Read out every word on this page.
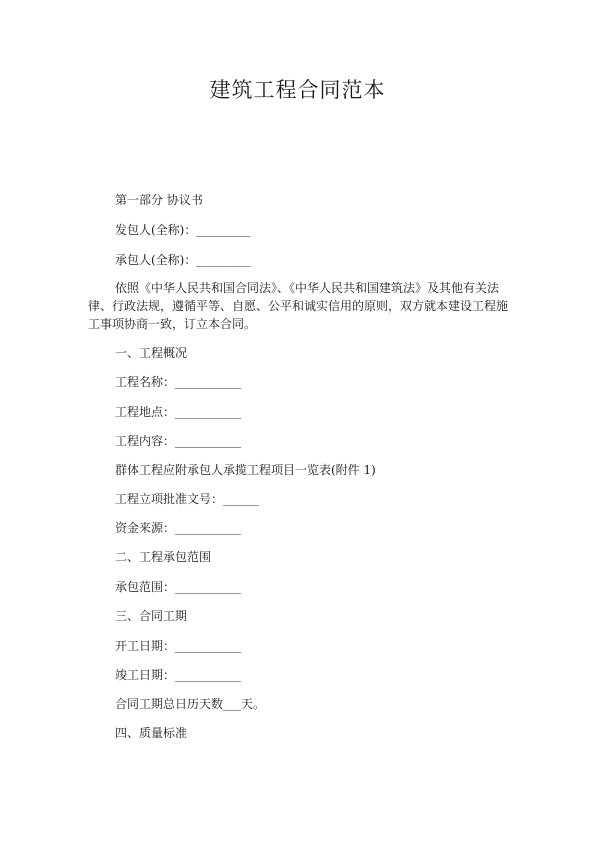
建筑工程合同范本

第一部分 协议书

发包人(全称)：_________

承包人(全称)：_________

依照《中华人民共和国合同法》、《中华人民共和国建筑法》及其他有关法
律、行政法规，遵循平等、自愿、公平和诚实信用的原则，双方就本建设工程施
工事项协商一致，订立本合同。

一、工程概况

工程名称：___________

工程地点：___________

工程内容：___________

群体工程应附承包人承揽工程项目一览表(附件 1)

工程立项批准文号：______

资金来源：___________

二、工程承包范围

承包范围：___________

三、合同工期

开工日期：___________

竣工日期：___________

合同工期总日历天数___天。

四、质量标准
